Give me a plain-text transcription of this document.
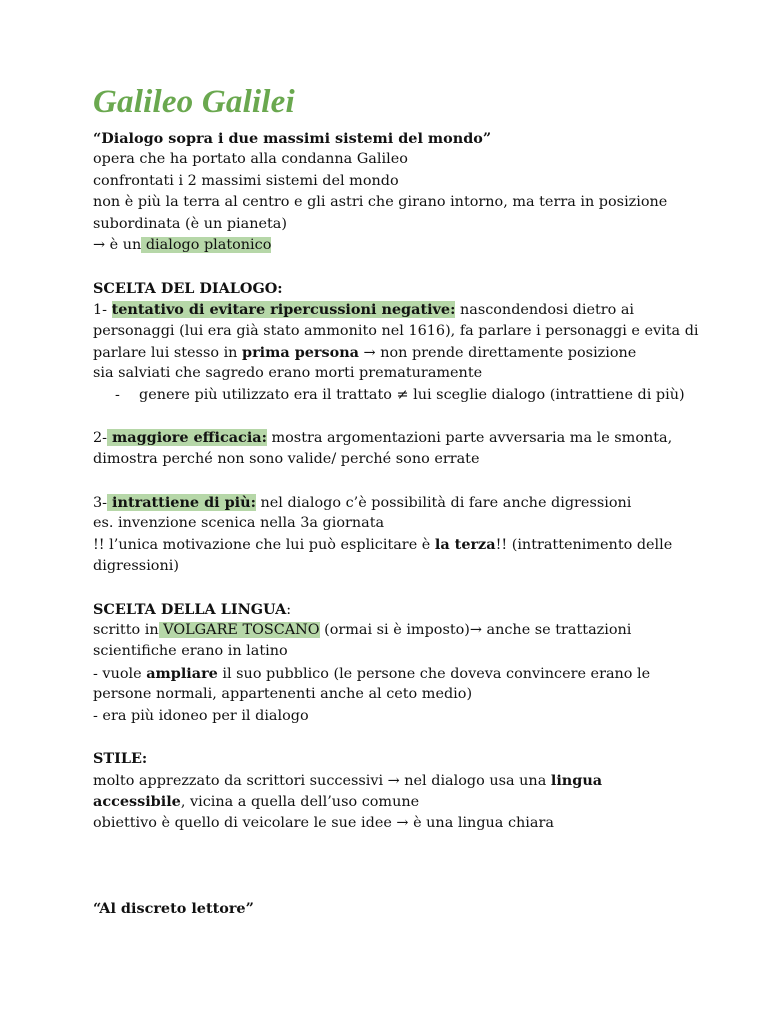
Galileo Galilei
“Dialogo sopra i due massimi sistemi del mondo”
opera che ha portato alla condanna Galileo
confrontati i 2 massimi sistemi del mondo
non è più la terra al centro e gli astri che girano intorno, ma terra in posizione
subordinata (è un pianeta)
→ è un dialogo platonico
SCELTA DEL DIALOGO:
1- tentativo di evitare ripercussioni negative: nascondendosi dietro ai
personaggi (lui era già stato ammonito nel 1616), fa parlare i personaggi e evita di
parlare lui stesso in prima persona → non prende direttamente posizione
sia salviati che sagredo erano morti prematuramente
- genere più utilizzato era il trattato ≠ lui sceglie dialogo (intrattiene di più)
2- maggiore efficacia: mostra argomentazioni parte avversaria ma le smonta,
dimostra perché non sono valide/ perché sono errate
3- intrattiene di più: nel dialogo c’è possibilità di fare anche digressioni
es. invenzione scenica nella 3a giornata
!! l’unica motivazione che lui può esplicitare è la terza!! (intrattenimento delle
digressioni)
SCELTA DELLA LINGUA:
scritto in VOLGARE TOSCANO (ormai si è imposto)→ anche se trattazioni
scientifiche erano in latino
- vuole ampliare il suo pubblico (le persone che doveva convincere erano le
persone normali, appartenenti anche al ceto medio)
- era più idoneo per il dialogo
STILE:
molto apprezzato da scrittori successivi → nel dialogo usa una lingua
accessibile, vicina a quella dell’uso comune
obiettivo è quello di veicolare le sue idee → è una lingua chiara
“Al discreto lettore”
